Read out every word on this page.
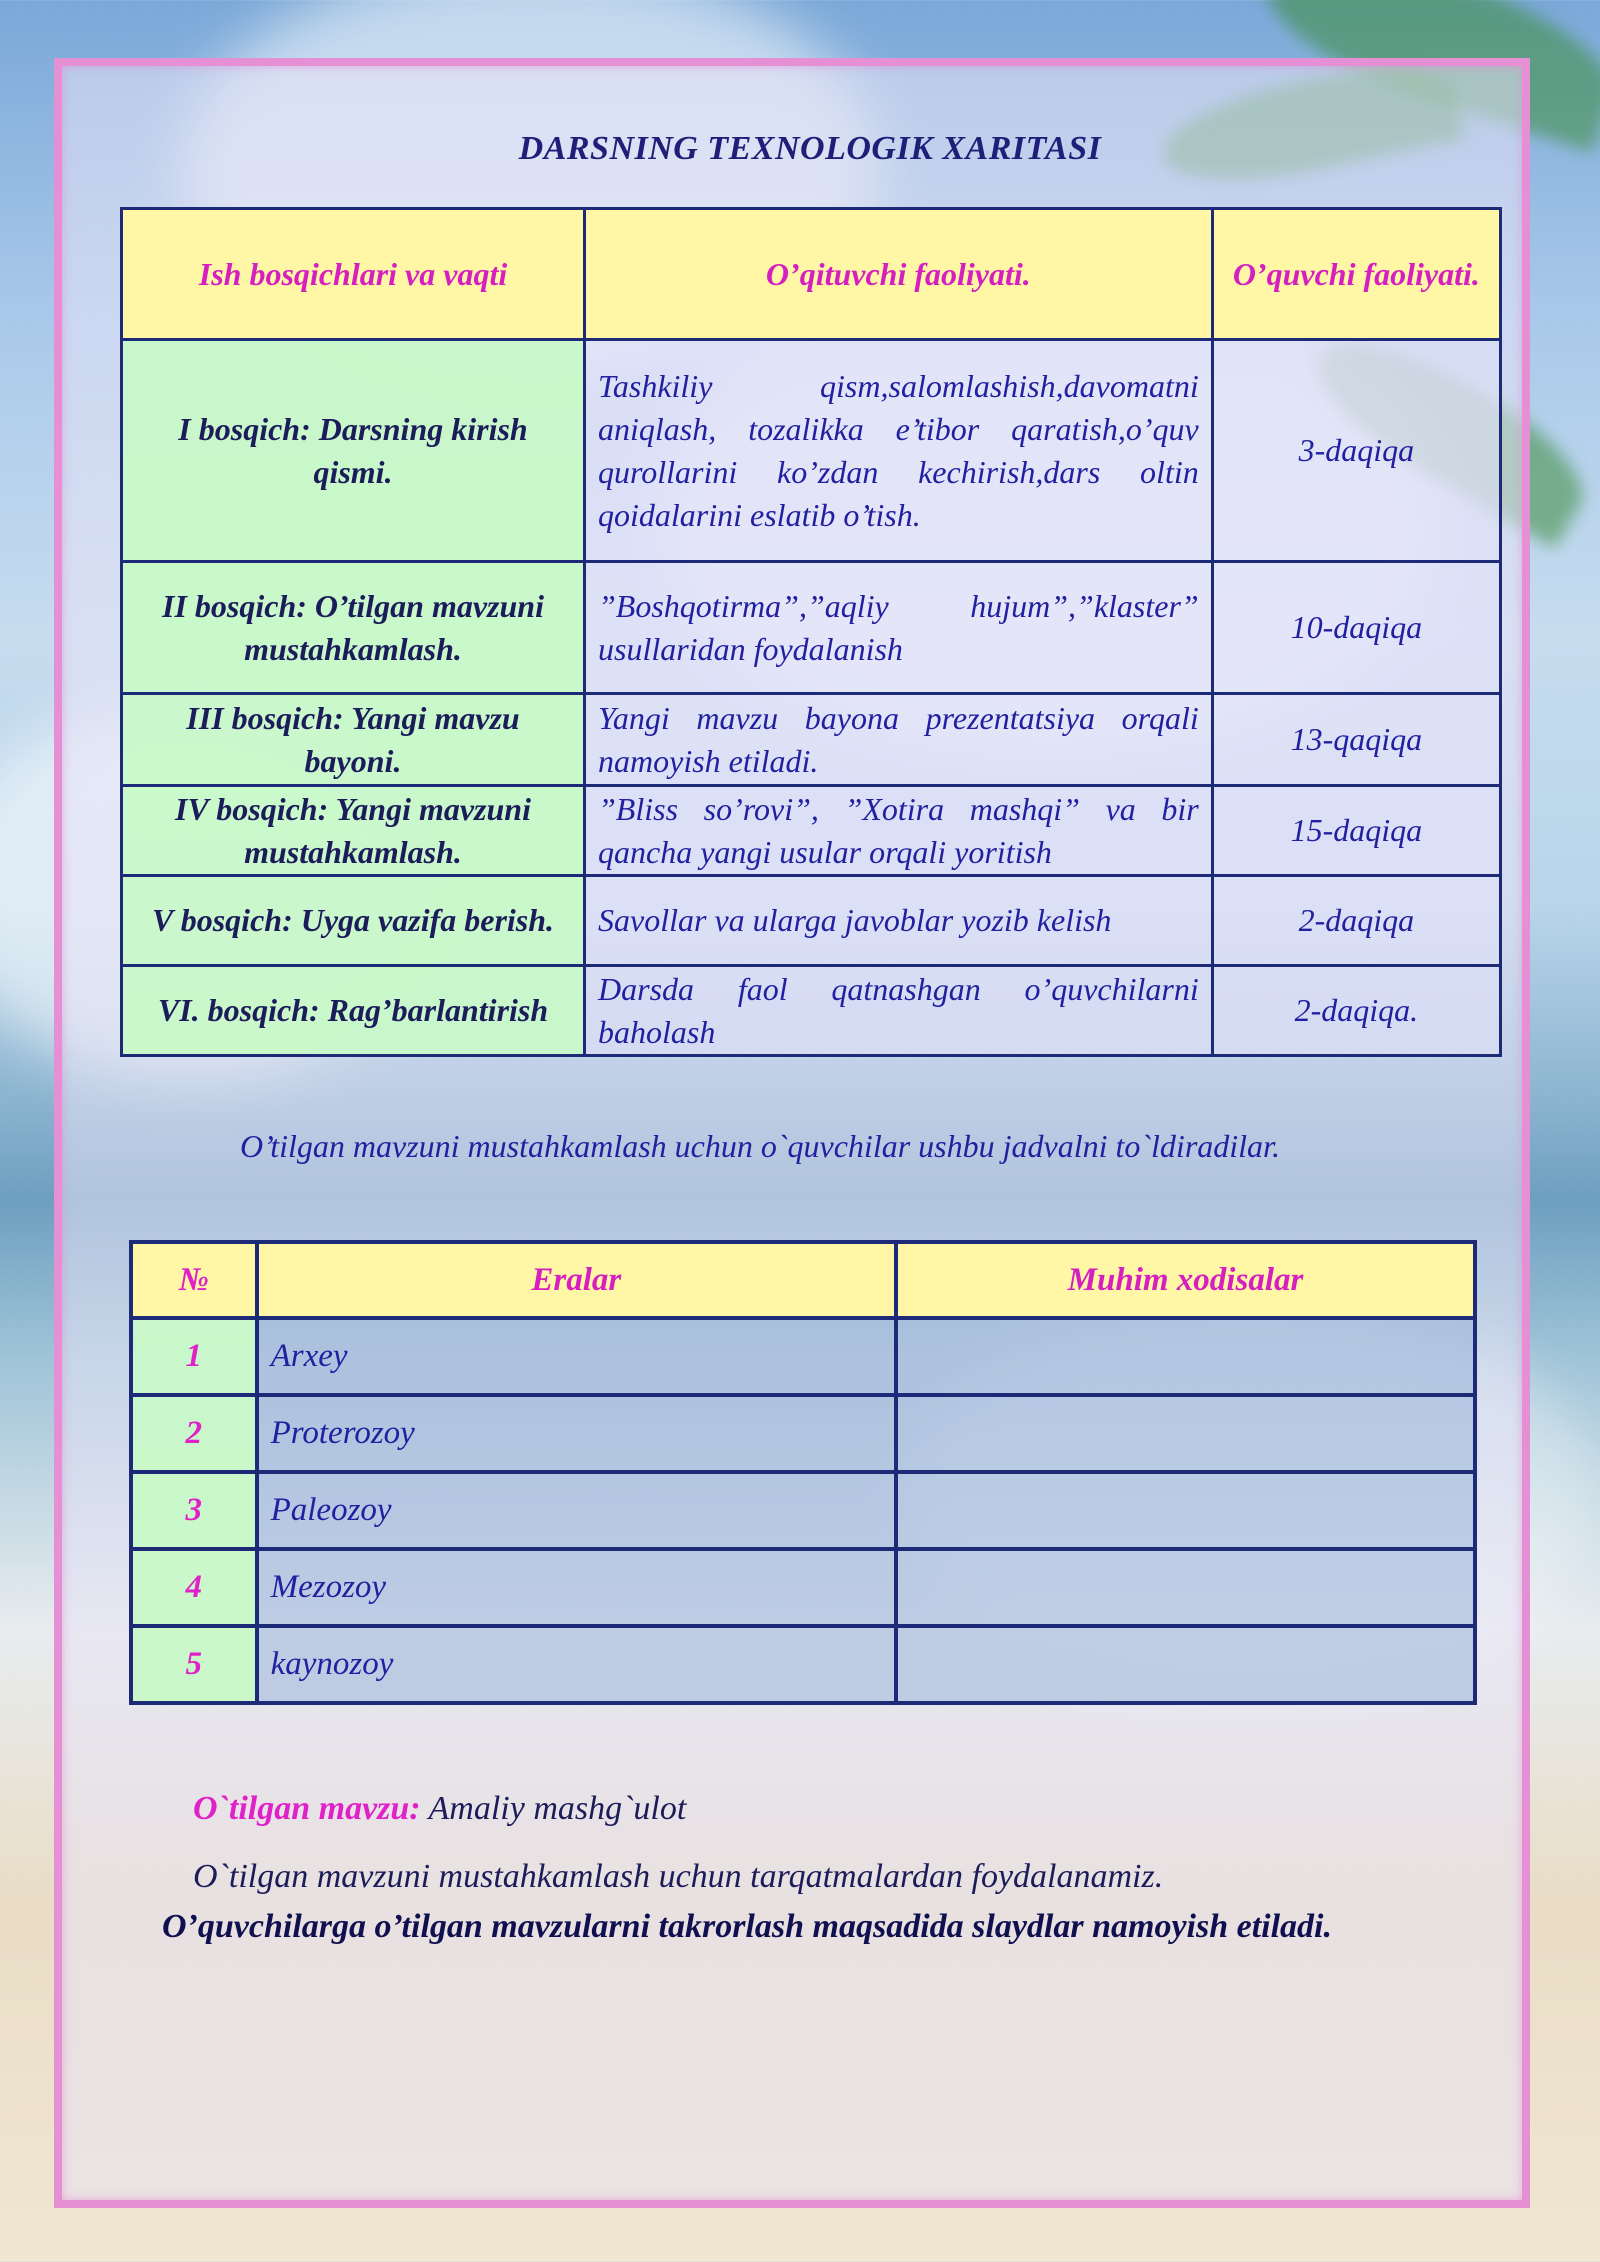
DARSNING TEXNOLOGIK XARITASI
Ish bosqichlari va vaqti	O’qituvchi faoliyati.	O’quvchi faoliyati.
I bosqich: Darsning kirish qismi.	Tashkiliy qism,salomlashish,davomatni aniqlash, tozalikka e’tibor qaratish,o’quv qurollarini ko’zdan kechirish,dars oltin qoidalarini eslatib o’tish.	3-daqiqa
II bosqich: O’tilgan mavzuni mustahkamlash.	”Boshqotirma”,”aqliy hujum”,”klaster” usullaridan foydalanish	10-daqiqa
III bosqich: Yangi mavzu bayoni.	Yangi mavzu bayona prezentatsiya orqali namoyish etiladi.	13-qaqiqa
IV bosqich: Yangi mavzuni mustahkamlash.	”Bliss so’rovi”, ”Xotira mashqi” va bir qancha yangi usular orqali yoritish	15-daqiqa
V bosqich: Uyga vazifa berish.	Savollar va ularga javoblar yozib kelish	2-daqiqa
VI. bosqich: Rag’barlantirish	Darsda faol qatnashgan o’quvchilarni baholash	2-daqiqa.
O’tilgan mavzuni mustahkamlash uchun o`quvchilar ushbu jadvalni to`ldiradilar.
№	Eralar	Muhim xodisalar
1	Arxey	
2	Proterozoy	
3	Paleozoy	
4	Mezozoy	
5	kaynozoy	
O`tilgan mavzu: Amaliy mashg`ulot
O`tilgan mavzuni mustahkamlash uchun tarqatmalardan foydalanamiz.
O’quvchilarga o’tilgan mavzularni takrorlash maqsadida slaydlar namoyish etiladi.
